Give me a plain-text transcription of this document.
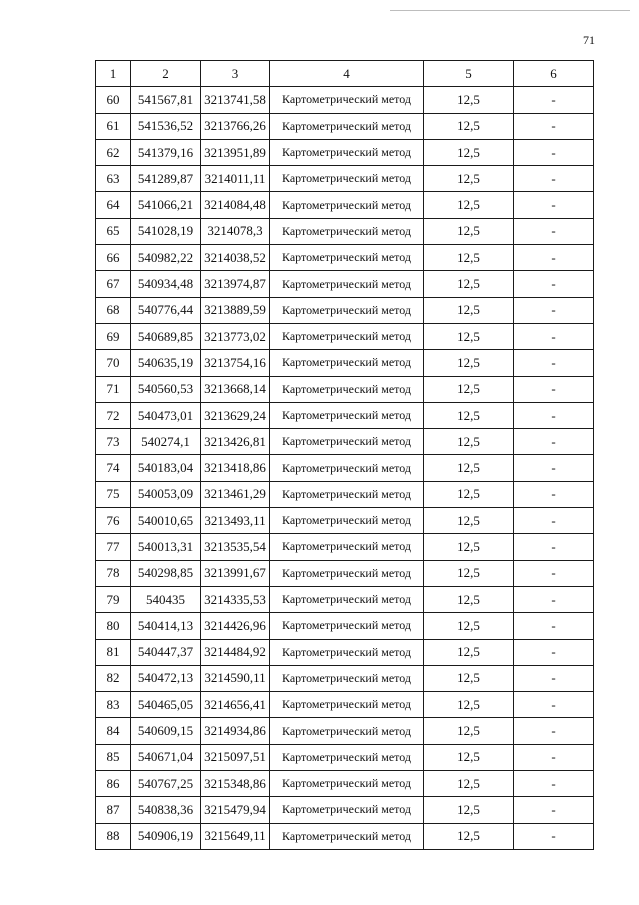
71
1	2	3	4	5	6
60	541567,81	3213741,58	Картометрический метод	12,5	-
61	541536,52	3213766,26	Картометрический метод	12,5	-
62	541379,16	3213951,89	Картометрический метод	12,5	-
63	541289,87	3214011,11	Картометрический метод	12,5	-
64	541066,21	3214084,48	Картометрический метод	12,5	-
65	541028,19	3214078,3	Картометрический метод	12,5	-
66	540982,22	3214038,52	Картометрический метод	12,5	-
67	540934,48	3213974,87	Картометрический метод	12,5	-
68	540776,44	3213889,59	Картометрический метод	12,5	-
69	540689,85	3213773,02	Картометрический метод	12,5	-
70	540635,19	3213754,16	Картометрический метод	12,5	-
71	540560,53	3213668,14	Картометрический метод	12,5	-
72	540473,01	3213629,24	Картометрический метод	12,5	-
73	540274,1	3213426,81	Картометрический метод	12,5	-
74	540183,04	3213418,86	Картометрический метод	12,5	-
75	540053,09	3213461,29	Картометрический метод	12,5	-
76	540010,65	3213493,11	Картометрический метод	12,5	-
77	540013,31	3213535,54	Картометрический метод	12,5	-
78	540298,85	3213991,67	Картометрический метод	12,5	-
79	540435	3214335,53	Картометрический метод	12,5	-
80	540414,13	3214426,96	Картометрический метод	12,5	-
81	540447,37	3214484,92	Картометрический метод	12,5	-
82	540472,13	3214590,11	Картометрический метод	12,5	-
83	540465,05	3214656,41	Картометрический метод	12,5	-
84	540609,15	3214934,86	Картометрический метод	12,5	-
85	540671,04	3215097,51	Картометрический метод	12,5	-
86	540767,25	3215348,86	Картометрический метод	12,5	-
87	540838,36	3215479,94	Картометрический метод	12,5	-
88	540906,19	3215649,11	Картометрический метод	12,5	-
